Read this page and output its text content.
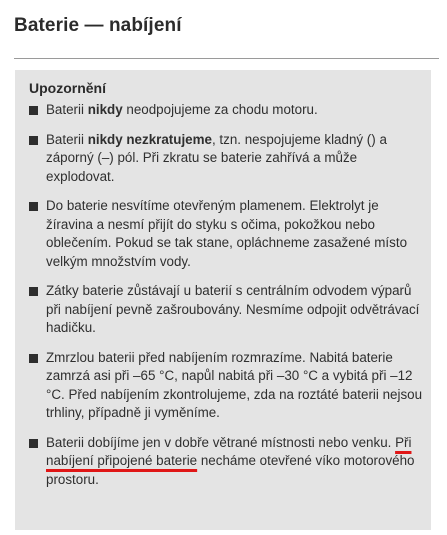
Baterie — nabíjení
Upozornění
Baterii nikdy neodpojujeme za chodu motoru.
Baterii nikdy nezkratujeme, tzn. nespojujeme kladný () a záporný (–) pól. Při zkratu se baterie zahřívá a může explodovat.
Do baterie nesvítíme otevřeným plamenem. Elektrolyt je žíravina a nesmí přijít do styku s očima, pokožkou nebo oblečením. Pokud se tak stane, opláchneme zasažené místo velkým množstvím vody.
Zátky baterie zůstávají u baterií s centrálním odvodem výparů při nabíjení pevně zašroubovány. Nesmíme odpojit odvětrávací hadičku.
Zmrzlou baterii před nabíjením rozmrazíme. Nabitá baterie zamrzá asi při –65 °C, napůl nabitá při –30 °C a vybitá při –12 °C. Před nabíjením zkontrolujeme, zda na roztáté baterii nejsou trhliny, případně ji vyměníme.
Baterii dobíjíme jen v dobře větrané místnosti nebo venku. Při nabíjení připojené baterie necháme otevřené víko motorového prostoru.
